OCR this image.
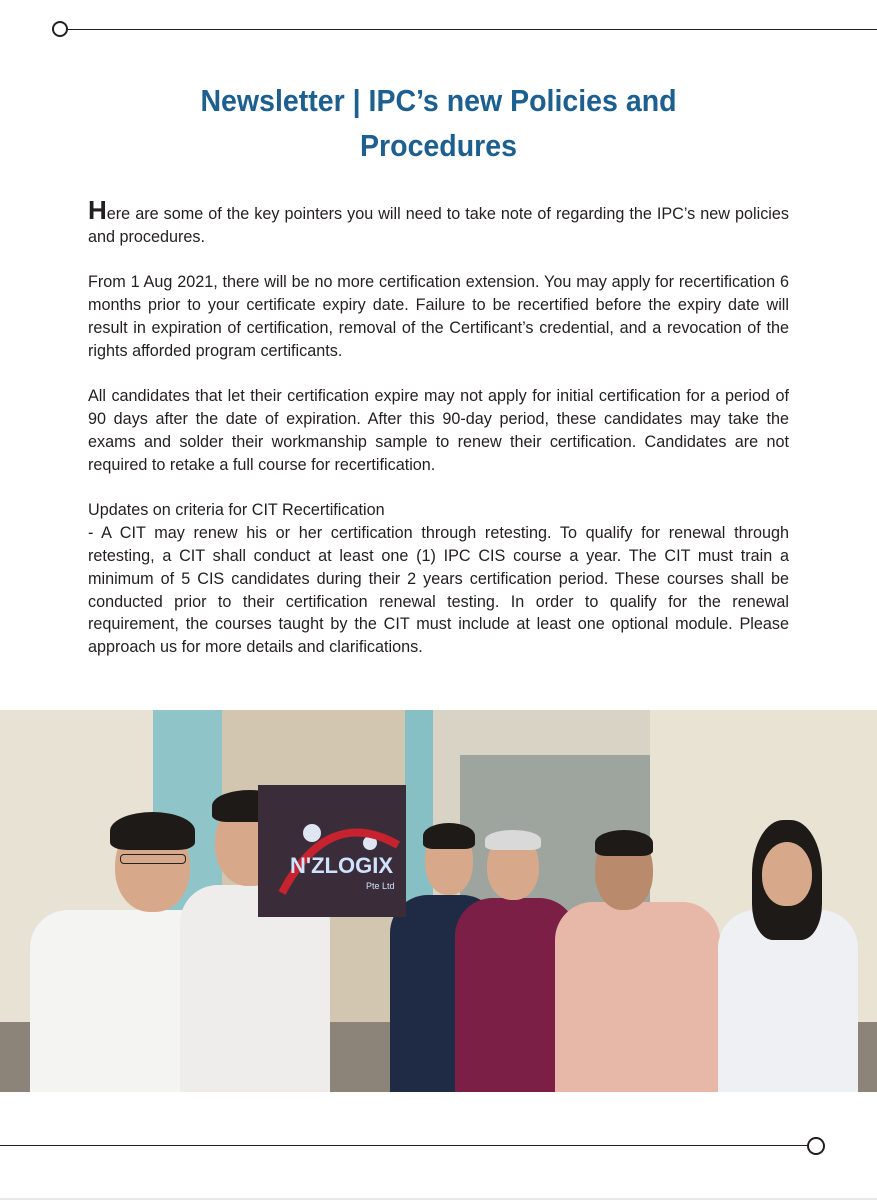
Newsletter | IPC’s new Policies and
Procedures

Here are some of the key pointers you will need to take note of regarding the IPC’s new policies and procedures.

From 1 Aug 2021, there will be no more certification extension. You may apply for recertification 6 months prior to your certificate expiry date. Failure to be recertified before the expiry date will result in expiration of certification, removal of the Certificant’s credential, and a revocation of the rights afforded program certificants.

All candidates that let their certification expire may not apply for initial certification for a period of 90 days after the date of expiration. After this 90-day period, these candidates may take the exams and solder their workmanship sample to renew their certification. Candidates are not required to retake a full course for recertification.

Updates on criteria for CIT Recertification
- A CIT may renew his or her certification through retesting. To qualify for renewal through retesting, a CIT shall conduct at least one (1) IPC CIS course a year. The CIT must train a minimum of 5 CIS candidates during their 2 years certification period. These courses shall be conducted prior to their certification renewal testing. In order to qualify for the renewal requirement, the courses taught by the CIT must include at least one optional module. Please approach us for more details and clarifications.

N'ZLOGIX
Pte Ltd
